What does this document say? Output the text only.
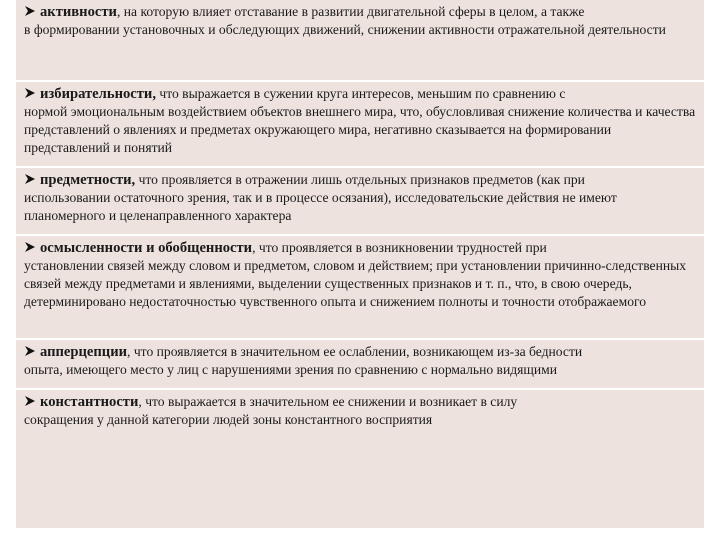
активности, на которую влияет отставание в развитии двигательной сферы в целом, а также
в формировании установочных и обследующих движений, снижении активности отражательной деятельности
избирательности, что выражается в сужении круга интересов, меньшим по сравнению с
нормой эмоциональным воздействием объектов внешнего мира, что, обусловливая снижение количества и качества представлений о явлениях и предметах окружающего мира, негативно сказывается на формировании представлений и понятий
предметности, что проявляется в отражении лишь отдельных признаков предметов (как при
использовании остаточного зрения, так и в процессе осязания), исследовательские действия не имеют планомерного и целенаправленного характера
осмысленности и обобщенности, что проявляется в возникновении трудностей при
установлении связей между словом и предметом, словом и действием; при установлении причинно-следственных связей между предметами и явлениями, выделении существенных признаков и т. п., что, в свою очередь, детерминировано недостаточностью чувственного опыта и снижением полноты и точности отображаемого
апперцепции, что проявляется в значительном ее ослаблении, возникающем из-за бедности
опыта, имеющего место у лиц с нарушениями зрения по сравнению с нормально видящими
константности, что выражается в значительном ее снижении и возникает в силу
сокращения у данной категории людей зоны константного восприятия
